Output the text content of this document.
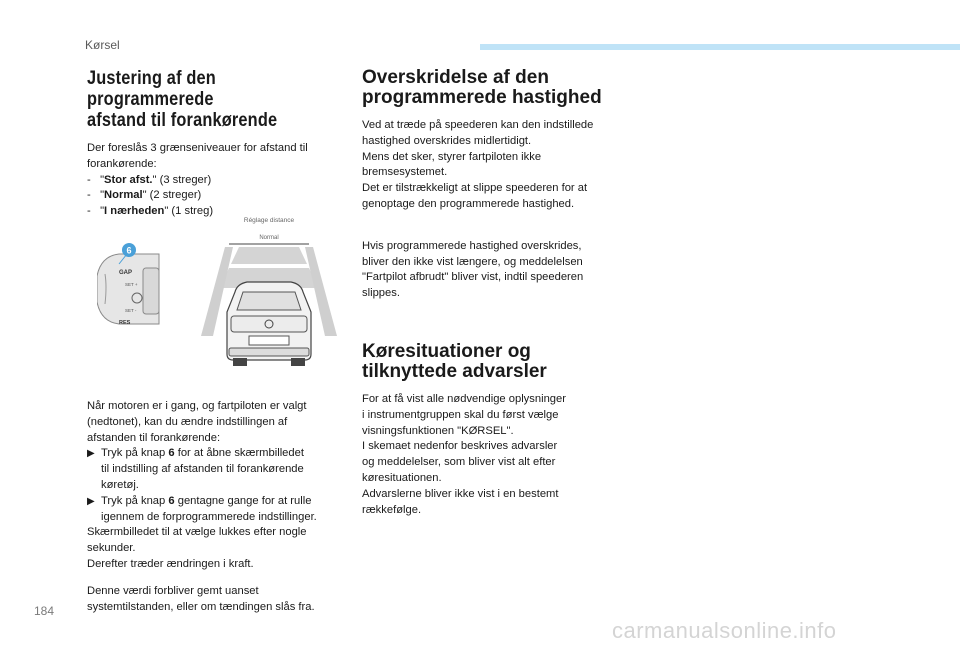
Kørsel
Justering af den programmerede
afstand til forankørende

Der foreslås 3 grænseniveauer for afstand til
forankørende:

- "Stor afst." (3 streger)
- "Normal" (2 streger)
- "I nærheden" (1 streg)

Når motoren er i gang, og fartpiloten er valgt
(nedtonet), kan du ændre indstillingen af
afstanden til forankørende:

▶ Tryk på knap 6 for at åbne skærmbilledet
til indstilling af afstanden til forankørende
køretøj.
▶ Tryk på knap 6 gentagne gange for at rulle
igennem de forprogrammerede indstillinger.

Skærmbilledet til at vælge lukkes efter nogle
sekunder.
Derefter træder ændringen i kraft.

Denne værdi forbliver gemt uanset
systemtilstanden, eller om tændingen slås fra.

GAP
SET +
SET -
RES
6
Réglage distance
Normal
Overskridelse af den
programmerede hastighed

Ved at træde på speederen kan den indstillede
hastighed overskrides midlertidigt.
Mens det sker, styrer fartpiloten ikke
bremsesystemet.
Det er tilstrækkeligt at slippe speederen for at
genoptage den programmerede hastighed.

Hvis programmerede hastighed overskrides,
bliver den ikke vist længere, og meddelelsen
"Fartpilot afbrudt" bliver vist, indtil speederen
slippes.

Køresituationer og
tilknyttede advarsler

For at få vist alle nødvendige oplysninger
i instrumentgruppen skal du først vælge
visningsfunktionen "KØRSEL".
I skemaet nedenfor beskrives advarsler
og meddelelser, som bliver vist alt efter
køresituationen.
Advarslerne bliver ikke vist i en bestemt
rækkefølge.

184
carmanualsonline.info
